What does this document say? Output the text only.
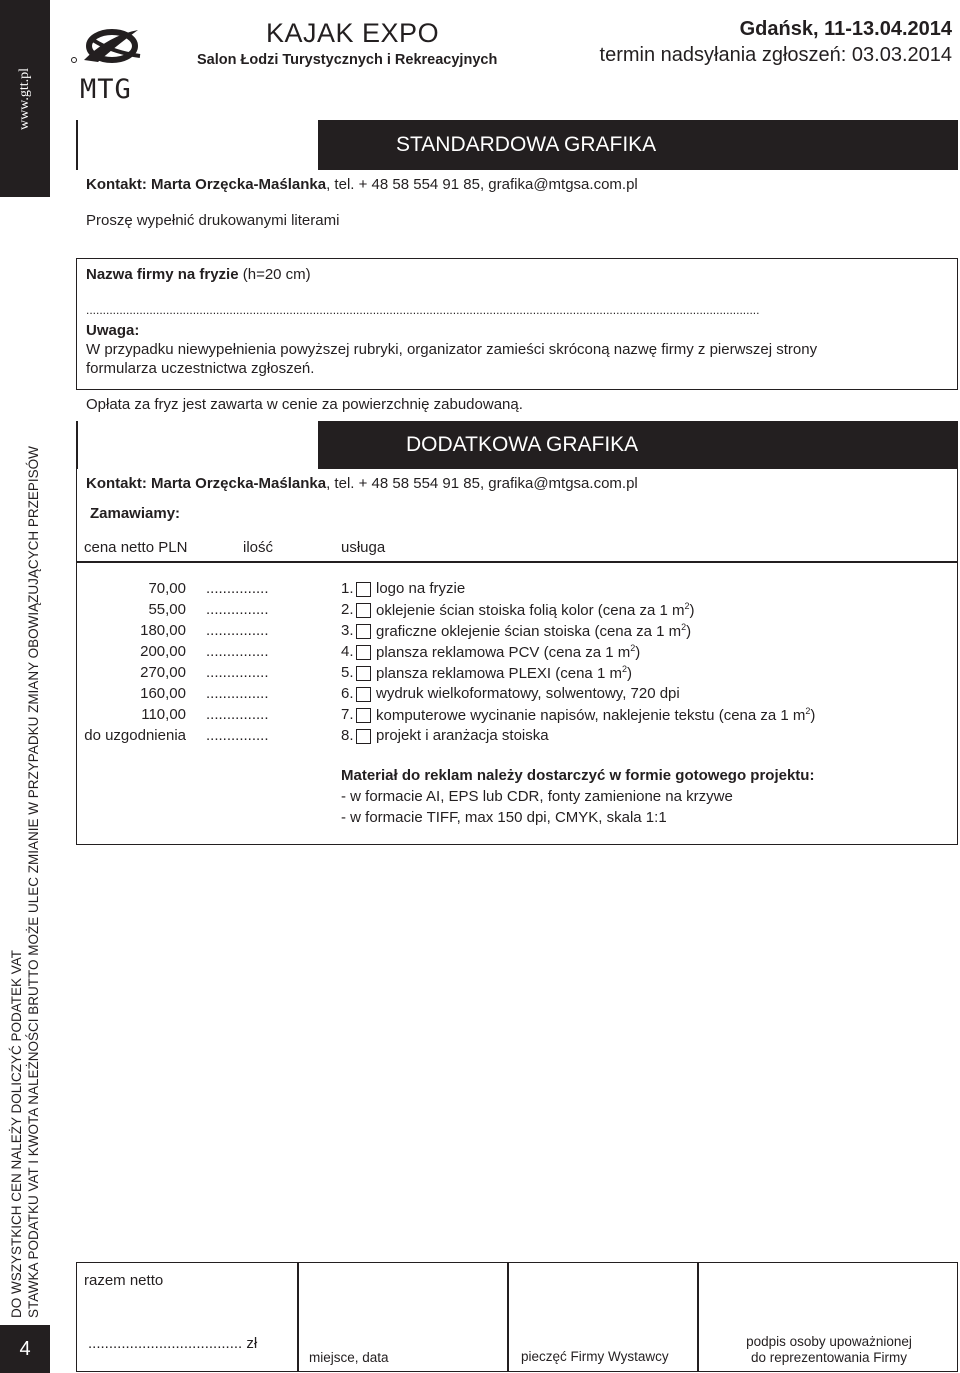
www.gtt.pl
DO WSZYSTKICH CEN NALEŻY DOLICZYĆ PODATEK VAT STAWKA PODATKU VAT I KWOTA NALEŻNOŚCI BRUTTO MOŻE ULEC ZMIANIE W PRZYPADKU ZMIANY OBOWIĄZUJĄCYCH PRZEPISÓW
4
MTG
KAJAK EXPO
Salon Łodzi Turystycznych i Rekreacyjnych
Gdańsk, 11-13.04.2014
termin nadsyłania zgłoszeń: 03.03.2014
STANDARDOWA GRAFIKA
Kontakt: Marta Orzęcka-Maślanka, tel. + 48 58 554 91 85, grafika@mtgsa.com.pl
Proszę wypełnić drukowanymi literami
Nazwa firmy na fryzie (h=20 cm)
..........................................................................................................................................................................................................
Uwaga:
W przypadku niewypełnienia powyższej rubryki, organizator zamieści skróconą nazwę firmy z pierwszej strony
formularza uczestnictwa zgłoszeń.
Opłata za fryz jest zawarta w cenie za powierzchnię zabudowaną.
DODATKOWA GRAFIKA
Kontakt: Marta Orzęcka-Maślanka, tel. + 48 58 554 91 85, grafika@mtgsa.com.pl
Zamawiamy:
cena netto PLN	ilość	usługa
70,00 ...............	1. logo na fryzie
55,00 ...............	2. oklejenie ścian stoiska folią kolor (cena za 1 $m^2$)
180,00 ...............	3. graficzne oklejenie ścian stoiska (cena za 1 $m^2$)
200,00 ...............	4. plansza reklamowa PCV (cena za 1 $m^2$)
270,00 ...............	5. plansza reklamowa PLEXI (cena 1 $m^2$)
160,00 ...............	6. wydruk wielkoformatowy, solwentowy, 720 dpi
110,00 ...............	7. komputerowe wycinanie napisów, naklejenie tekstu (cena za 1 $m^2$)
do uzgodnienia ...............	8. projekt i aranżacja stoiska
Materiał do reklam należy dostarczyć w formie gotowego projektu:
- w formacie AI, EPS lub CDR, fonty zamienione na krzywe
- w formacie TIFF, max 150 dpi, CMYK, skala 1:1
razem netto
..................................... zł
miejsce, data	pieczęć Firmy Wystawcy
podpis osoby upoważnionej
do reprezentowania Firmy
